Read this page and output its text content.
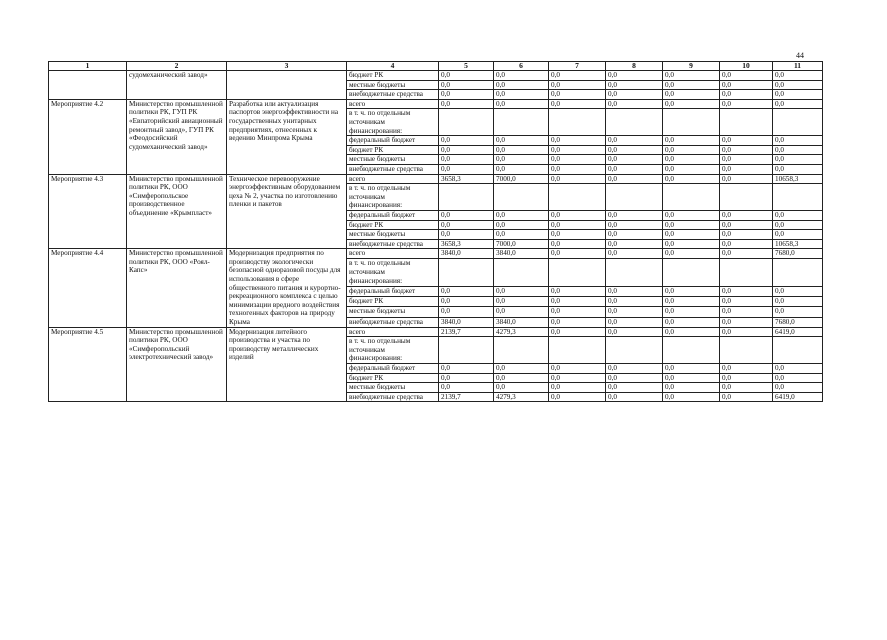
44
1	2	3	4	5	6	7	8	9	10	11
	судомеханический завод»		бюджет РК	0,0	0,0	0,0	0,0	0,0	0,0	0,0
			местные бюджеты	0,0	0,0	0,0	0,0	0,0	0,0	0,0
			внебюджетные средства	0,0	0,0	0,0	0,0	0,0	0,0	0,0
Мероприятие 4.2	Министерство промышленной политики РК, ГУП РК «Евпаторийский авиационный ремонтный завод», ГУП РК «Феодосийский судомеханический завод»	Разработка или актуализация паспортов энергоэффективности на государственных унитарных предприятиях, отнесенных к ведению Минпрома Крыма	всего	0,0	0,0	0,0	0,0	0,0	0,0	0,0
			в т. ч. по отдельным источникам финансирования:							
			федеральный бюджет	0,0	0,0	0,0	0,0	0,0	0,0	0,0
			бюджет РК	0,0	0,0	0,0	0,0	0,0	0,0	0,0
			местные бюджеты	0,0	0,0	0,0	0,0	0,0	0,0	0,0
			внебюджетные средства	0,0	0,0	0,0	0,0	0,0	0,0	0,0
Мероприятие 4.3	Министерство промышленной политики РК, ООО «Симферопольское производственное объединение «Крымпласт»	Техническое перевооружение энергоэффективным оборудованием цеха № 2, участка по изготовлению пленки и пакетов	всего	3658,3	7000,0	0,0	0,0	0,0	0,0	10658,3
			в т. ч. по отдельным источникам финансирования:							
			федеральный бюджет	0,0	0,0	0,0	0,0	0,0	0,0	0,0
			бюджет РК	0,0	0,0	0,0	0,0	0,0	0,0	0,0
			местные бюджеты	0,0	0,0	0,0	0,0	0,0	0,0	0,0
			внебюджетные средства	3658,3	7000,0	0,0	0,0	0,0	0,0	10658,3
Мероприятие 4.4	Министерство промышленной политики РК, ООО «Роял-Капс»	Модернизация предприятия по производству экологически безопасной одноразовой посуды для использования в сфере общественного питания и курортно-рекреационного комплекса с целью минимизации вредного воздействия техногенных факторов на природу Крыма	всего	3840,0	3840,0	0,0	0,0	0,0	0,0	7680,0
			в т. ч. по отдельным источникам финансирования:							
			федеральный бюджет	0,0	0,0	0,0	0,0	0,0	0,0	0,0
			бюджет РК	0,0	0,0	0,0	0,0	0,0	0,0	0,0
			местные бюджеты	0,0	0,0	0,0	0,0	0,0	0,0	0,0
			внебюджетные средства	3840,0	3840,0	0,0	0,0	0,0	0,0	7680,0
Мероприятие 4.5	Министерство промышленной политики РК, ООО «Симферопольский электротехнический завод»	Модернизация литейного производства и участка по производству металлических изделий	всего	2139,7	4279,3	0,0	0,0	0,0	0,0	6419,0
			в т. ч. по отдельным источникам финансирования:							
			федеральный бюджет	0,0	0,0	0,0	0,0	0,0	0,0	0,0
			бюджет РК	0,0	0,0	0,0	0,0	0,0	0,0	0,0
			местные бюджеты	0,0	0,0	0,0	0,0	0,0	0,0	0,0
			внебюджетные средства	2139,7	4279,3	0,0	0,0	0,0	0,0	6419,0
